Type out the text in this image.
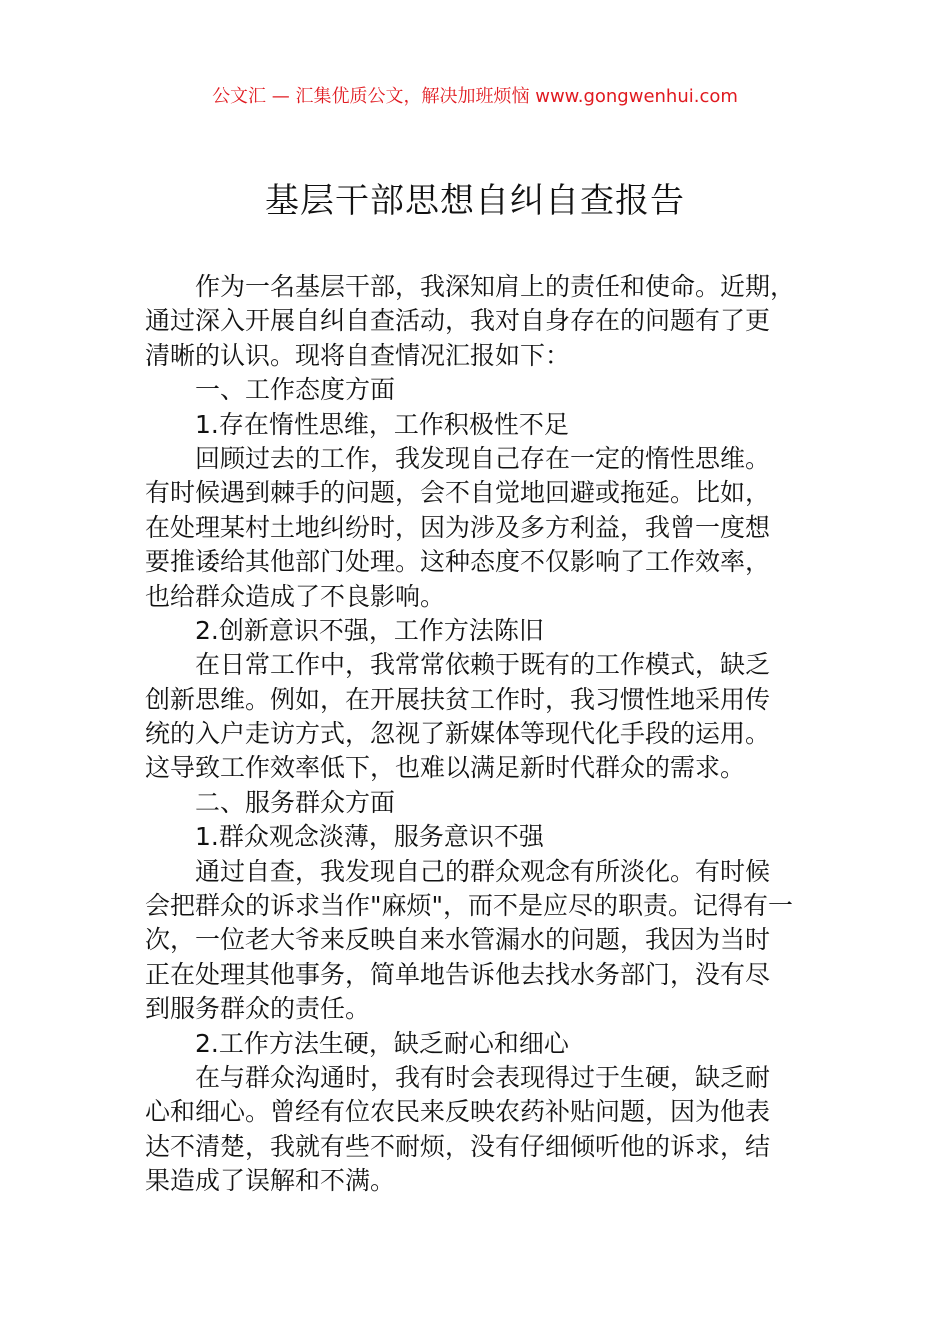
公文汇 — 汇集优质公文，解决加班烦恼 www.gongwenhui.com
基层干部思想自纠自查报告
作为一名基层干部，我深知肩上的责任和使命。近期，
通过深入开展自纠自查活动，我对自身存在的问题有了更
清晰的认识。现将自查情况汇报如下：
一、工作态度方面
1.存在惰性思维，工作积极性不足
回顾过去的工作，我发现自己存在一定的惰性思维。
有时候遇到棘手的问题，会不自觉地回避或拖延。比如，
在处理某村土地纠纷时，因为涉及多方利益，我曾一度想
要推诿给其他部门处理。这种态度不仅影响了工作效率，
也给群众造成了不良影响。
2.创新意识不强，工作方法陈旧
在日常工作中，我常常依赖于既有的工作模式，缺乏
创新思维。例如，在开展扶贫工作时，我习惯性地采用传
统的入户走访方式，忽视了新媒体等现代化手段的运用。
这导致工作效率低下，也难以满足新时代群众的需求。
二、服务群众方面
1.群众观念淡薄，服务意识不强
通过自查，我发现自己的群众观念有所淡化。有时候
会把群众的诉求当作"麻烦"，而不是应尽的职责。记得有一
次，一位老大爷来反映自来水管漏水的问题，我因为当时
正在处理其他事务，简单地告诉他去找水务部门，没有尽
到服务群众的责任。
2.工作方法生硬，缺乏耐心和细心
在与群众沟通时，我有时会表现得过于生硬，缺乏耐
心和细心。曾经有位农民来反映农药补贴问题，因为他表
达不清楚，我就有些不耐烦，没有仔细倾听他的诉求，结
果造成了误解和不满。
